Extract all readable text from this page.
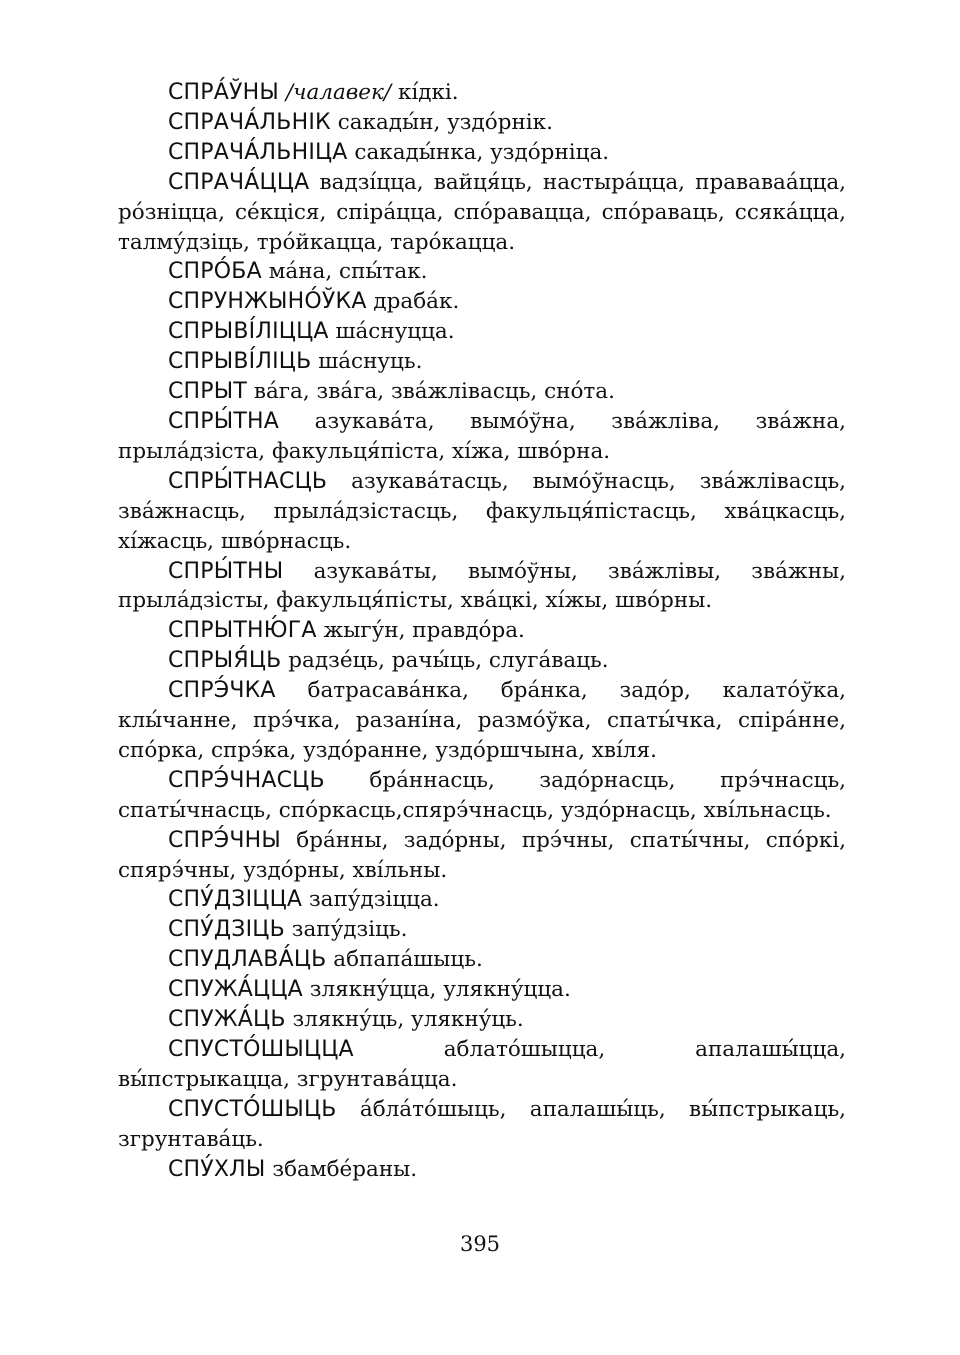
СПРА́ЎНЫ /чалавек/ кі́дкі.

СПРАЧА́ЛЬНІК сакады́н, уздо́рнік.

СПРАЧА́ЛЬНІЦА сакады́нка, уздо́рніца.

СПРАЧА́ЦЦА вадзі́цца, вайця́ць, настыра́цца, прававаа́цца, ро́зніцца, се́кціся, спіра́цца, спо́равацца, спо́раваць, ссяка́цца, талму́дзіць, тро́йкацца, таро́кацца.

СПРО́БА ма́на, спы́так.

СПРУНЖЫНО́ЎКА драба́к.

СПРЫВІ́ЛІЦЦА ша́снуцца.

СПРЫВІ́ЛІЦЬ ша́снуць.

СПРЫТ ва́га, зва́га, зва́жлівасць, сно́та.

СПРЫ́ТНА азукава́та, вымо́ўна, зва́жліва, зва́жна, прыла́дзіста, факульця́піста, хі́жа, шво́рна.

СПРЫ́ТНАСЦЬ азукава́тасць, вымо́ўнасць, зва́жлівасць, зва́жнасць, прыла́дзістасць, факульця́пістасць, хва́цкасць, хі́жасць, шво́рнасць.

СПРЫ́ТНЫ азукава́ты, вымо́ўны, зва́жлівы, зва́жны, прыла́дзісты, факульця́пісты, хва́цкі, хі́жы, шво́рны.

СПРЫТНЮ́ГА жыгу́н, правдо́ра.

СПРЫЯ́ЦЬ радзе́ць, рачы́ць, слуга́ваць.

СПРЭ́ЧКА батрасава́нка, бра́нка, задо́р, калато́ўка, клы́чанне, прэ́чка, разані́на, размо́ўка, спаты́чка, спіра́нне, спо́рка, спрэ́ка, уздо́ранне, уздо́ршчына, хві́ля.

СПРЭ́ЧНАСЦЬ бра́ннасць, задо́рнасць, прэ́чнасць, спаты́чнасць, спо́ркасць,спярэ́чнасць, уздо́рнасць, хві́льнасць.

СПРЭ́ЧНЫ бра́нны, задо́рны, прэ́чны, спаты́чны, спо́ркі, спярэ́чны, уздо́рны, хві́льны.

СПУ́ДЗІЦЦА запу́дзіцца.

СПУ́ДЗІЦЬ запу́дзіць.

СПУДЛАВА́ЦЬ абпапа́шыць.

СПУЖА́ЦЦА злякну́цца, улякну́цца.

СПУЖА́ЦЬ злякну́ць, улякну́ць.

СПУСТО́ШЫЦЦА	аблато́шыцца, апалашы́цца, вы́пстрыкацца, згрунтава́цца.

СПУСТО́ШЫЦЬ а́бла́то́шыць, апалашы́ць, вы́пстрыкаць, згрунтава́ць.

СПУ́ХЛЫ збамбе́раны.

395
